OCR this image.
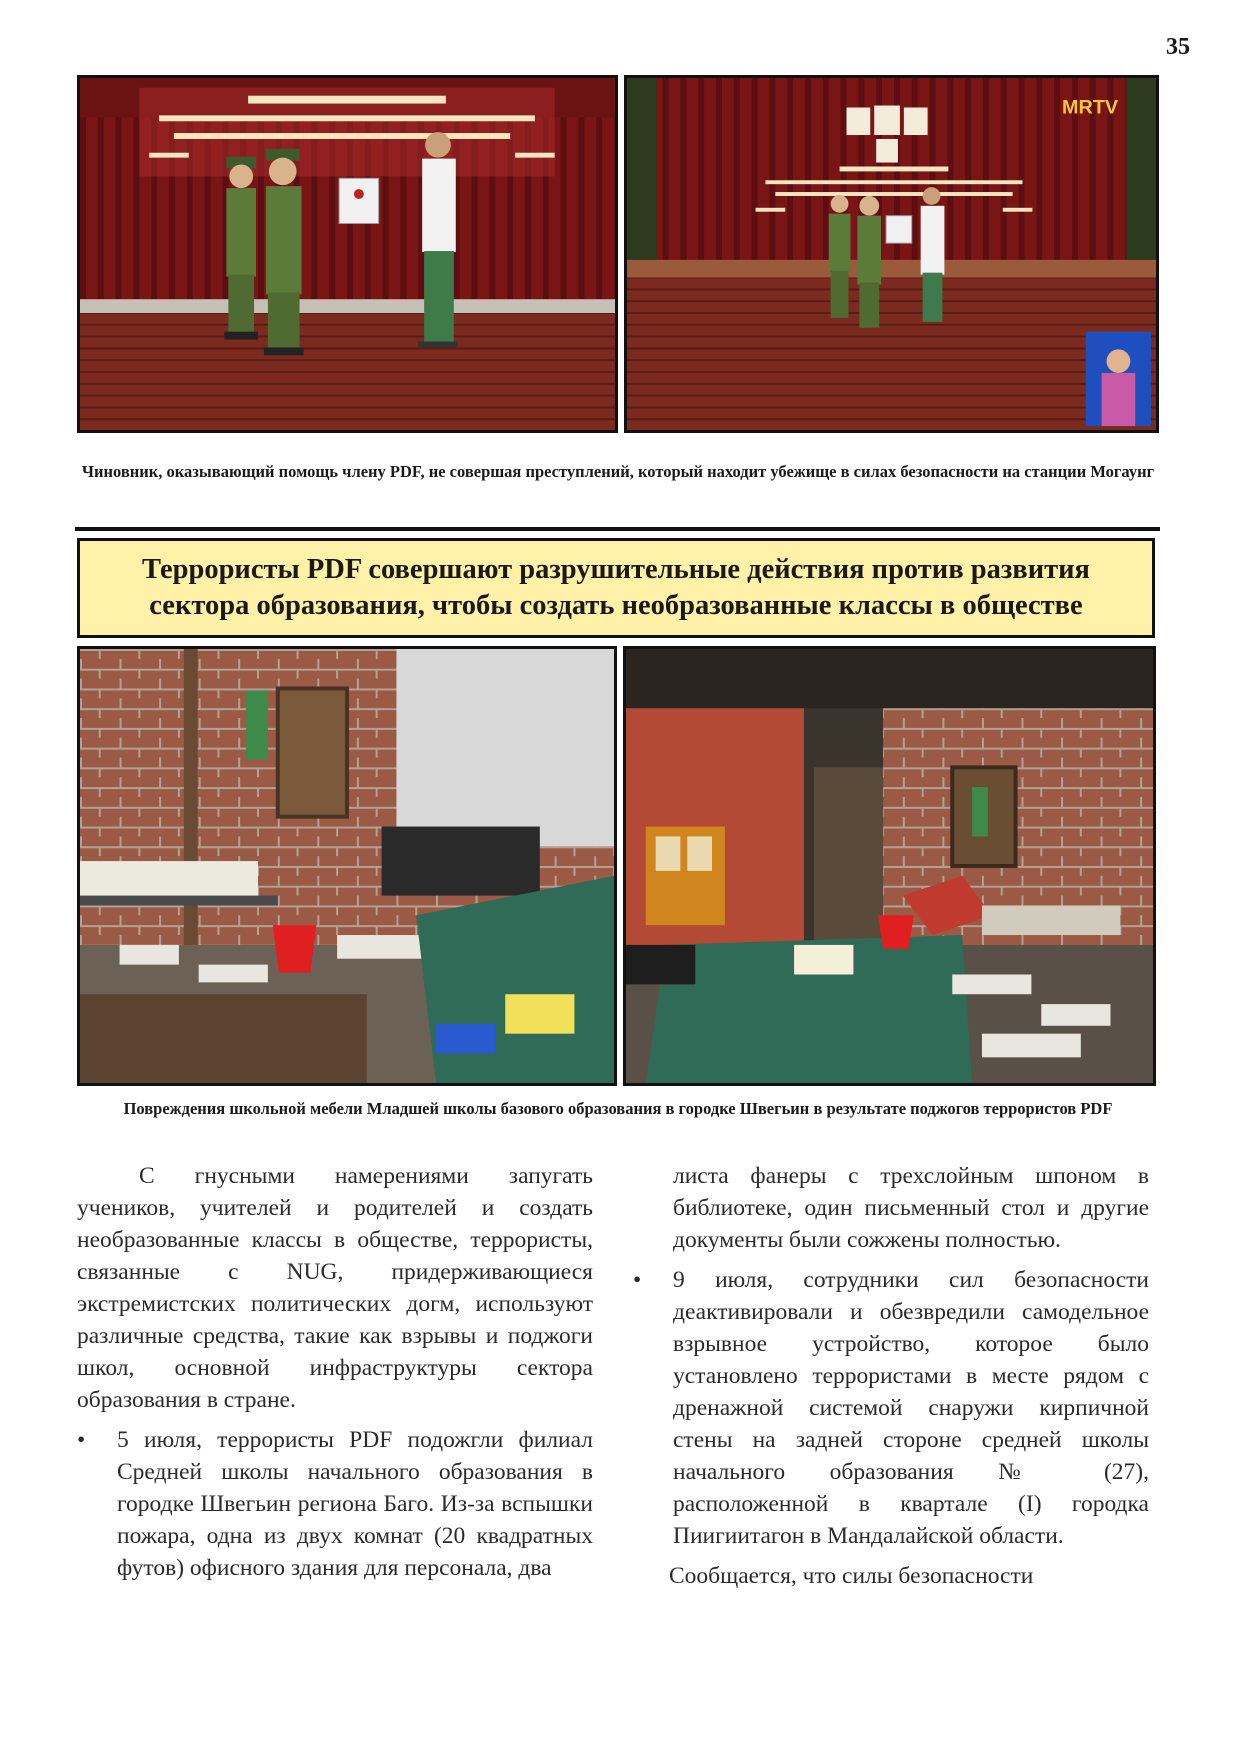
35
MRTV
Чиновник, оказывающий помощь члену PDF, не совершая преступлений, который находит убежище в силах безопасности на станции Могаунг
Террористы PDF совершают разрушительные действия против развития сектора образования, чтобы создать необразованные классы в обществе
Повреждения школьной мебели Младшей школы базового образования в городке Швегьин в результате поджогов террористов PDF

С гнусными намерениями запугать учеников, учителей и родителей и создать необразованные классы в обществе, террористы, связанные с NUG, придерживающиеся экстремистских политических догм, используют различные средства, такие как взрывы и поджоги школ, основной инфраструктуры сектора образования в стране.

• 5 июля, террористы PDF подожгли филиал Средней школы начального образования в городке Швегьин региона Баго. Из-за вспышки пожара, одна из двух комнат (20 квадратных футов) офисного здания для персонала, два

листа фанеры с трехслойным шпоном в библиотеке, один письменный стол и другие документы были сожжены полностью.

• 9 июля, сотрудники сил безопасности деактивировали и обезвредили самодельное взрывное устройство, которое было установлено террористами в месте рядом с дренажной системой снаружи кирпичной стены на задней стороне средней школы начального образования № (27), расположенной в квартале (I) городка Пиигиитагон в Мандалайской области.

Сообщается, что силы безопасности
